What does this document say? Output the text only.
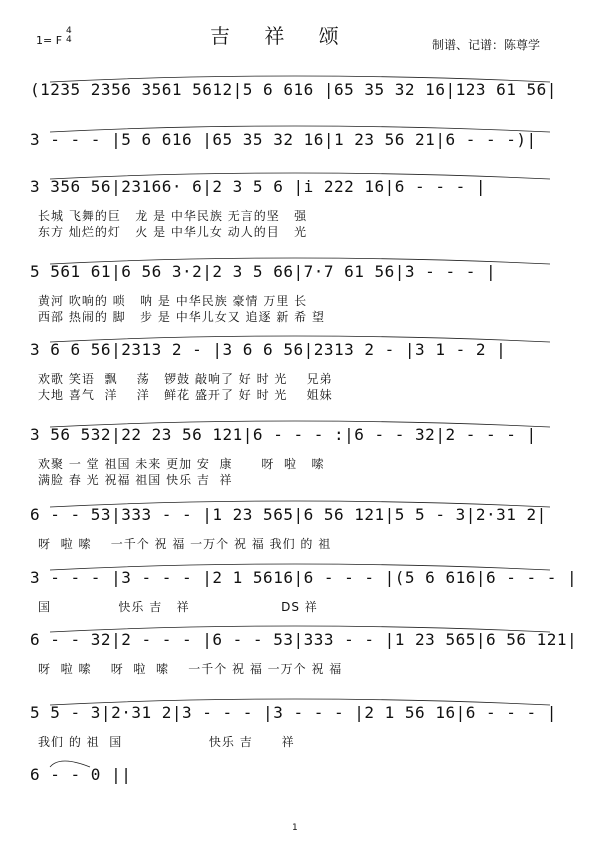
吉 祥 颂
1= F
4
4	制谱、记谱：陈尊学
(1235 2356 3561 5612|5 6 616 |65 35 32 16|123 61 56|
3 - - - |5 6 616 |65 35 32 16|1 23 56 21|6 - - -)|
3 356 56|23166· 6|2 3 5 6 |i 222 16|6 - - - |
长城 飞舞的巨   龙 是 中华民族 无言的坚   强
东方 灿烂的灯   火 是 中华儿女 动人的目   光
5 561 61|6 56 3·2|2 3 5 66|7·7 61 56|3 - - - |
黄河 吹响的 唢   呐 是 中华民族 豪情 万里 长
西部 热闹的 脚   步 是 中华儿女又 追逐 新 希 望
3 6 6 56|2313 2 - |3 6 6 56|2313 2 - |3 1 - 2 |
欢歌 笑语  飘    荡   锣鼓 敲响了 好 时 光    兄弟
大地 喜气  洋    洋   鲜花 盛开了 好 时 光    姐妹
3 56 532|22 23 56 121|6 - - - :|6 - - 32|2 - - - |
欢聚 一 堂 祖国 未来 更加 安  康      呀  啦   嗦
满脸 春 光 祝福 祖国 快乐 吉  祥
6 - - 53|333 - - |1 23 565|6 56 121|5 5 - 3|2·31 2|
呀  啦 嗦    一千个 祝 福 一万个 祝 福 我们 的 祖
3 - - - |3 - - - |2 1 5616|6 - - - |(5 6 616|6 - - - |
国              快乐 吉   祥                   DS 祥
6 - - 32|2 - - - |6 - - 53|333 - - |1 23 565|6 56 121|
呀  啦 嗦    呀  啦  嗦    一千个 祝 福 一万个 祝 福
5 5 - 3|2·31 2|3 - - - |3 - - - |2 1 56 16|6 - - - |
我们 的 祖  国                  快乐 吉      祥
6 - - 0 ||
1
